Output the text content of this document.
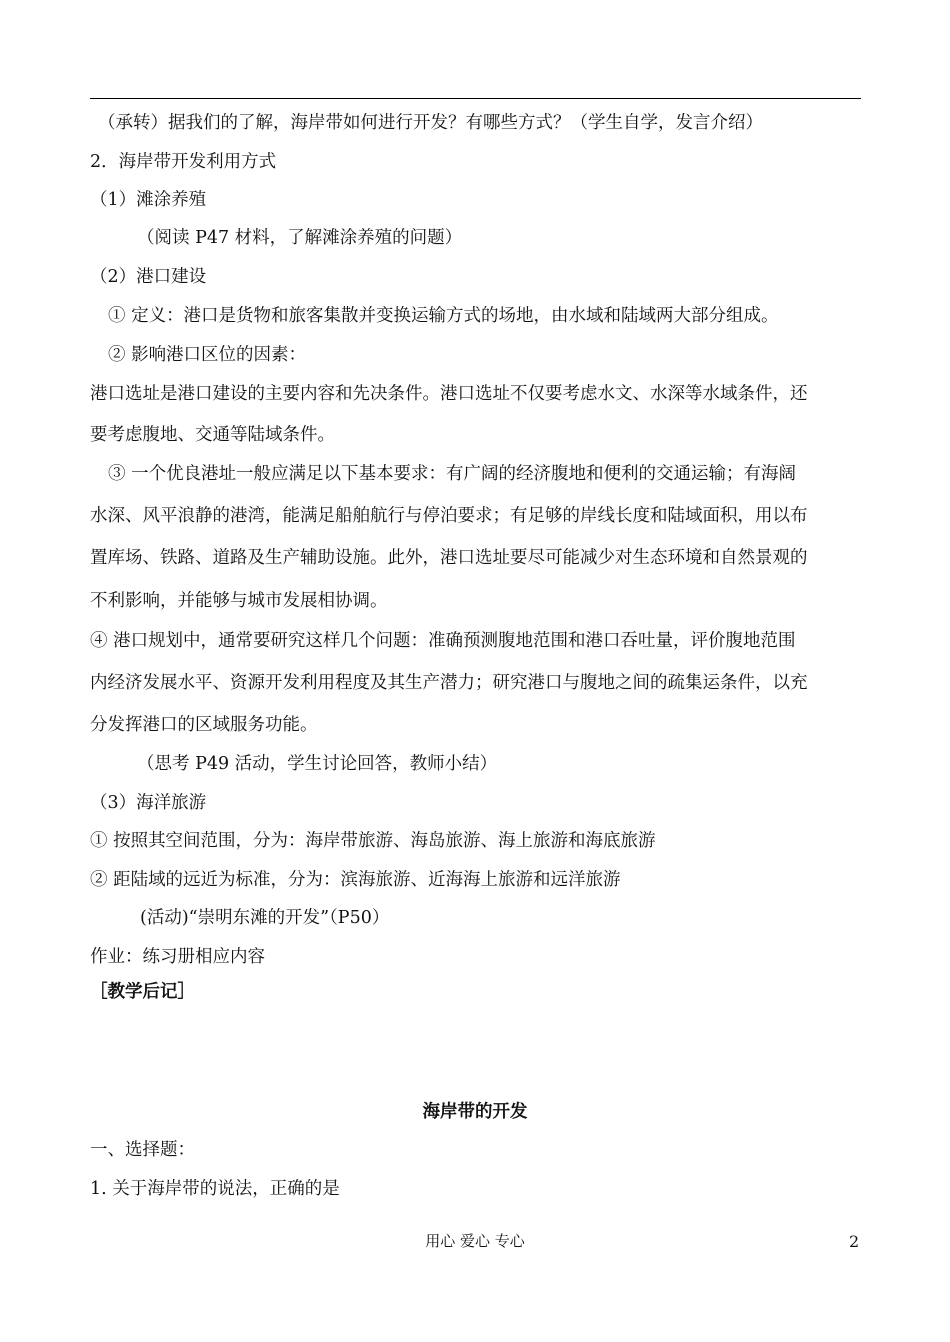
（承转）据我们的了解，海岸带如何进行开发？有哪些方式？（学生自学，发言介绍）
2．海岸带开发利用方式
（1）滩涂养殖
（阅读 P47 材料，了解滩涂养殖的问题）
（2）港口建设
① 定义：港口是货物和旅客集散并变换运输方式的场地，由水域和陆域两大部分组成。
② 影响港口区位的因素：
港口选址是港口建设的主要内容和先决条件。港口选址不仅要考虑水文、水深等水域条件，还
要考虑腹地、交通等陆域条件。
③ 一个优良港址一般应满足以下基本要求：有广阔的经济腹地和便利的交通运输；有海阔
水深、风平浪静的港湾，能满足船舶航行与停泊要求；有足够的岸线长度和陆域面积，用以布
置库场、铁路、道路及生产辅助设施。此外，港口选址要尽可能减少对生态环境和自然景观的
不利影响，并能够与城市发展相协调。
④ 港口规划中，通常要研究这样几个问题：准确预测腹地范围和港口吞吐量，评价腹地范围
内经济发展水平、资源开发利用程度及其生产潜力；研究港口与腹地之间的疏集运条件，以充
分发挥港口的区域服务功能。
（思考 P49 活动，学生讨论回答，教师小结）
（3）海洋旅游
① 按照其空间范围，分为：海岸带旅游、海岛旅游、海上旅游和海底旅游
② 距陆域的远近为标准，分为：滨海旅游、近海海上旅游和远洋旅游
(活动)“崇明东滩的开发”（P50）
作业：练习册相应内容
［教学后记］
海岸带的开发
一、选择题：
1. 关于海岸带的说法，正确的是
用心 爱心 专心	2
